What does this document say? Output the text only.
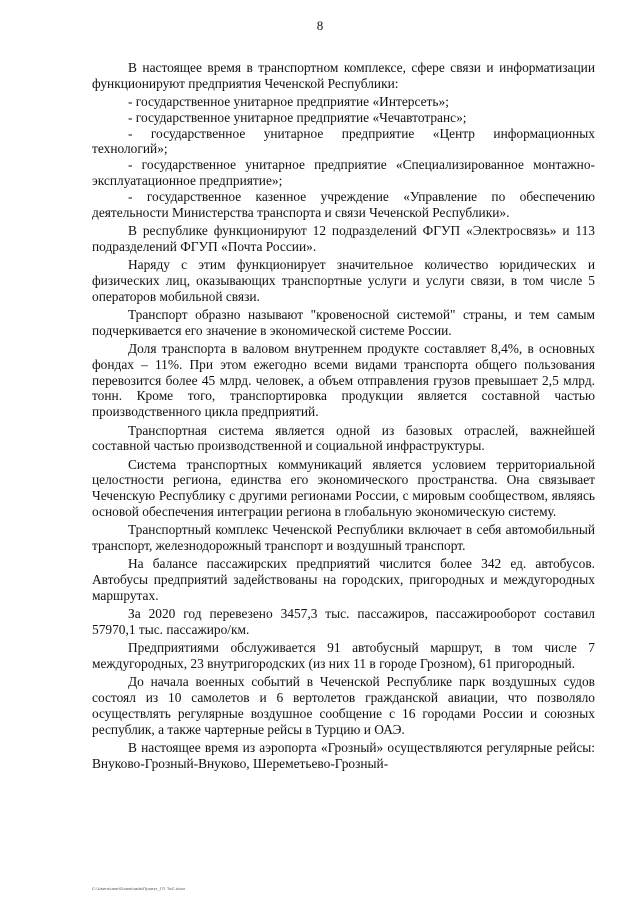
8

В настоящее время в транспортном комплексе, сфере связи и информатизации функционируют предприятия Чеченской Республики:

- государственное унитарное предприятие «Интерсеть»;

- государственное унитарное предприятие «Чечавтотранс»;

- государственное унитарное предприятие «Центр информационных технологий»;

- государственное унитарное предприятие «Специализированное монтажно-эксплуатационное предприятие»;

- государственное казенное учреждение «Управление по обеспечению деятельности Министерства транспорта и связи Чеченской Республики».

В республике функционируют 12 подразделений ФГУП «Электросвязь» и 113 подразделений ФГУП «Почта России».

Наряду с этим функционирует значительное количество юридических и физических лиц, оказывающих транспортные услуги и услуги связи, в том числе 5 операторов мобильной связи.

Транспорт образно называют "кровеносной системой" страны, и тем самым подчеркивается его значение в экономической системе России.

Доля транспорта в валовом внутреннем продукте составляет 8,4%, в основных фондах – 11%. При этом ежегодно всеми видами транспорта общего пользования перевозится более 45 млрд. человек, а объем отправления грузов превышает 2,5 млрд. тонн. Кроме того, транспортировка продукции является составной частью производственного цикла предприятий.

Транспортная система является одной из базовых отраслей, важнейшей составной частью производственной и социальной инфраструктуры.

Система транспортных коммуникаций является условием территориальной целостности региона, единства его экономического пространства. Она связывает Чеченскую Республику с другими регионами России, с мировым сообществом, являясь основой обеспечения интеграции региона в глобальную экономическую систему.

Транспортный комплекс Чеченской Республики включает в себя автомобильный транспорт, железнодорожный транспорт и воздушный транспорт.

На балансе пассажирских предприятий числится более 342 ед. автобусов. Автобусы предприятий задействованы на городских, пригородных и междугородных маршрутах.

За 2020 год перевезено 3457,3 тыс. пассажиров, пассажирооборот составил 57970,1 тыс. пассажиро/км.

Предприятиями обслуживается 91 автобусный маршрут, в том числе 7 междугородных, 23 внутригородских (из них 11 в городе Грозном), 61 пригородный.

До начала военных событий в Чеченской Республике парк воздушных судов состоял из 10 самолетов и 6 вертолетов гражданской авиации, что позволяло осуществлять регулярные воздушное сообщение с 16 городами России и союзных республик, а также чартерные рейсы в Турцию и ОАЭ.

В настоящее время из аэропорта «Грозный» осуществляются регулярные рейсы: Внуково-Грозный-Внуково, Шереметьево-Грозный-

С:\Users\user\Downloads\Проект_ГП ТиС.docx
